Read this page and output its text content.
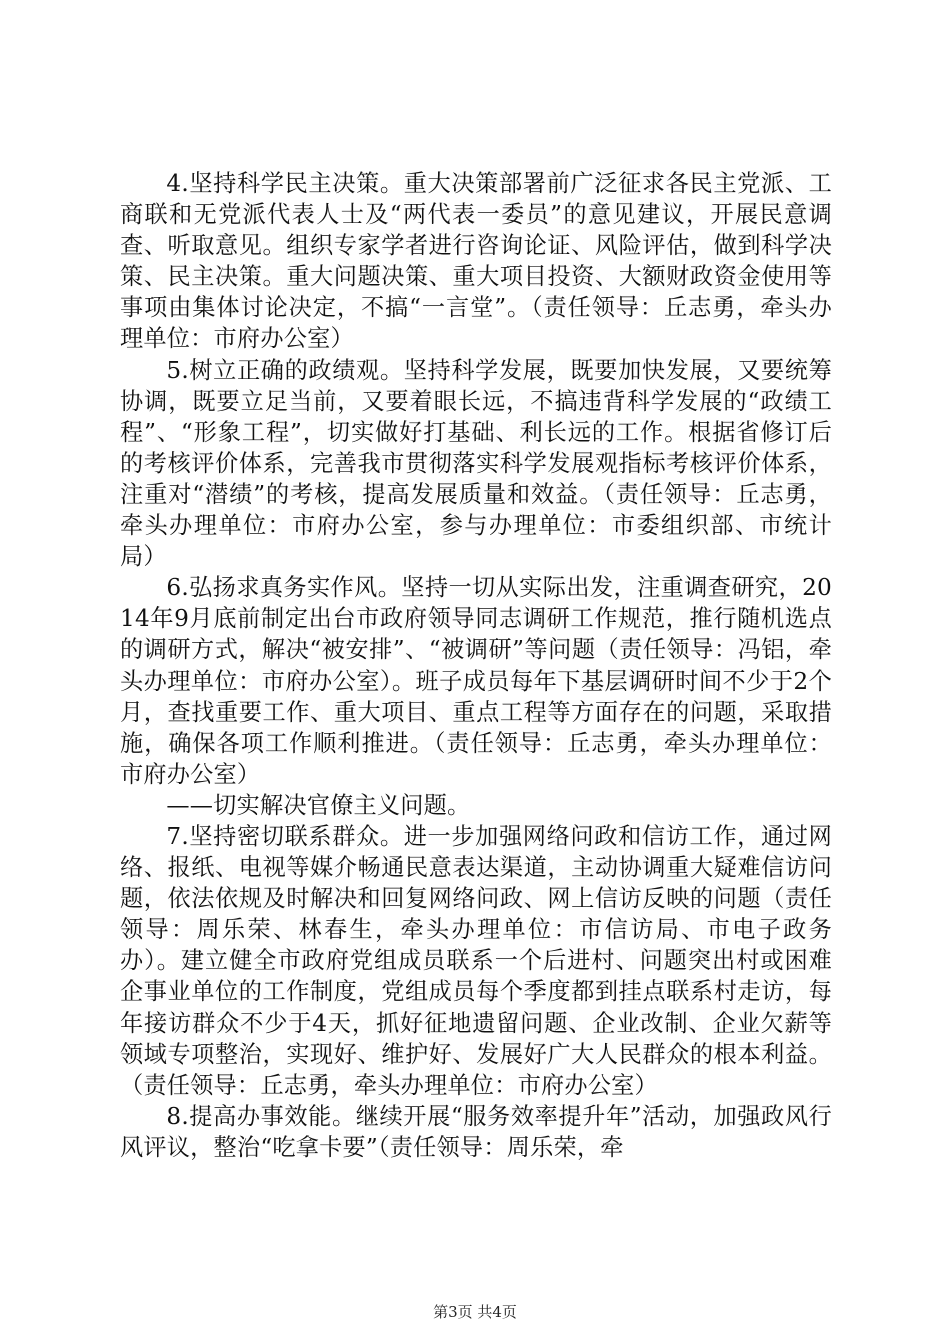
4.坚持科学民主决策。重大决策部署前广泛征求各民主党派、工商联和无党派代表人士及“两代表一委员”的意见建议，开展民意调查、听取意见。组织专家学者进行咨询论证、风险评估，做到科学决策、民主决策。重大问题决策、重大项目投资、大额财政资金使用等事项由集体讨论决定，不搞“一言堂”。（责任领导：丘志勇，牵头办理单位：市府办公室）

5.树立正确的政绩观。坚持科学发展，既要加快发展，又要统筹协调，既要立足当前，又要着眼长远，不搞违背科学发展的“政绩工程”、“形象工程”，切实做好打基础、利长远的工作。根据省修订后的考核评价体系，完善我市贯彻落实科学发展观指标考核评价体系，注重对“潜绩”的考核，提高发展质量和效益。（责任领导：丘志勇，牵头办理单位：市府办公室，参与办理单位：市委组织部、市统计局）

6.弘扬求真务实作风。坚持一切从实际出发，注重调查研究，2014年9月底前制定出台市政府领导同志调研工作规范，推行随机选点的调研方式，解决“被安排”、“被调研”等问题（责任领导：冯铝，牵头办理单位：市府办公室）。班子成员每年下基层调研时间不少于2个月，查找重要工作、重大项目、重点工程等方面存在的问题，采取措施，确保各项工作顺利推进。（责任领导：丘志勇，牵头办理单位：市府办公室）

——切实解决官僚主义问题。

7.坚持密切联系群众。进一步加强网络问政和信访工作，通过网络、报纸、电视等媒介畅通民意表达渠道，主动协调重大疑难信访问题，依法依规及时解决和回复网络问政、网上信访反映的问题（责任领导：周乐荣、林春生，牵头办理单位：市信访局、市电子政务办）。建立健全市政府党组成员联系一个后进村、问题突出村或困难企事业单位的工作制度，党组成员每个季度都到挂点联系村走访，每年接访群众不少于4天，抓好征地遗留问题、企业改制、企业欠薪等领域专项整治，实现好、维护好、发展好广大人民群众的根本利益。（责任领导：丘志勇，牵头办理单位：市府办公室）

8.提高办事效能。继续开展“服务效率提升年”活动，加强政风行风评议，整治“吃拿卡要”（责任领导：周乐荣，牵

第3页 共4页
